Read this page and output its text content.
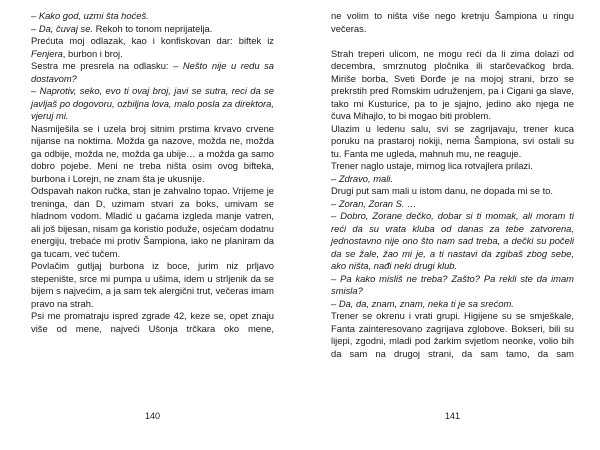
– Kako god, uzmi šta hoćeš.

– Da, čuvaj se. Rekoh to tonom neprijatelja.

Prećuta moj odlazak, kao i konfiskovan dar: biftek iz Fenjera, burbon i broj.

Sestra me presrela na odlasku: – Nešto nije u redu sa dostavom?

– Naprotiv, seko, evo ti ovaj broj, javi se sutra, reci da se javljaš po dogovoru, ozbiljna lova, malo posla za direktora, vjeruj mi.

Nasmiješila se i uzela broj sitnim prstima krvavo crvene nijanse na noktima. Možda ga nazove, možda ne, možda ga odbije, možda ne, možda ga ubije… a možda ga samo dobro pojebe. Meni ne treba ništa osim ovog bifteka, burbona i Lorejn, ne znam šta je ukusnije.

Odspavah nakon ručka, stan je zahvalno topao. Vrijeme je treninga, dan D, uzimam stvari za boks, umivam se hladnom vodom. Mladić u gaćama izgleda manje vatren, ali još bijesan, nisam ga koristio poduže, osjećam dodatnu energiju, trebaće mi protiv Šampiona, iako ne planiram da ga tucam, već tučem.

Povlačim gutljaj burbona iz boce, jurim niz prljavo stepenište, srce mi pumpa u ušima, idem u strljenik da se bijem s najvećim, a ja sam tek alergični trut, večeras imam pravo na strah.

Psi me promatraju ispred zgrade 42, keze se, opet znaju više od mene, najveći Ušonja trčkara oko mene,

ne volim to ništa više nego kretnju Šampiona u ringu večeras.

Strah treperi ulicom, ne mogu reći da li zima dolazi od decembra, smrznutog pločnika ili starčevačkog brda. Miriše borba, Sveti Đorđe je na mojoj strani, brzo se prekrstih pred Romskim udruženjem, pa i Cigani ga slave, tako mi Kusturice, pa to je sjajno, jedino ako njega ne čuva Mihajlo, to bi mogao biti problem.

Ulazim u ledenu salu, svi se zagrijavaju, trener kuca poruku na prastaroj nokiji, nema Šampiona, svi ostali su tu. Fanta me ugleda, mahnuh mu, ne reaguje.

Trener naglo ustaje, mirnog lica rotvajlera prilazi.

– Zdravo, mali.

Drugi put sam mali u istom danu, ne dopada mi se to.

– Zoran, Zoran S. …

– Dobro, Zorane dečko, dobar si ti momak, ali moram ti reći da su vrata kluba od danas za tebe zatvorena, jednostavno nije ono što nam sad treba, a dečki su počeli da se žale, žao mi je, a ti nastavi da zgibaš zbog sebe, ako ništa, nađi neki drugi klub.

– Pa kako misliš ne treba? Zašto? Pa rekli ste da imam smisla?

– Da, da, znam, znam, neka ti je sa srećom.

Trener se okrenu i vrati grupi. Higijene su se smješkale, Fanta zainteresovano zagrijava zglobove. Bokseri, bili su lijepi, zgodni, mladi pod žarkim svjetlom neonke, volio bih da sam na drugoj strani, da sam tamo, da sam

140	141
